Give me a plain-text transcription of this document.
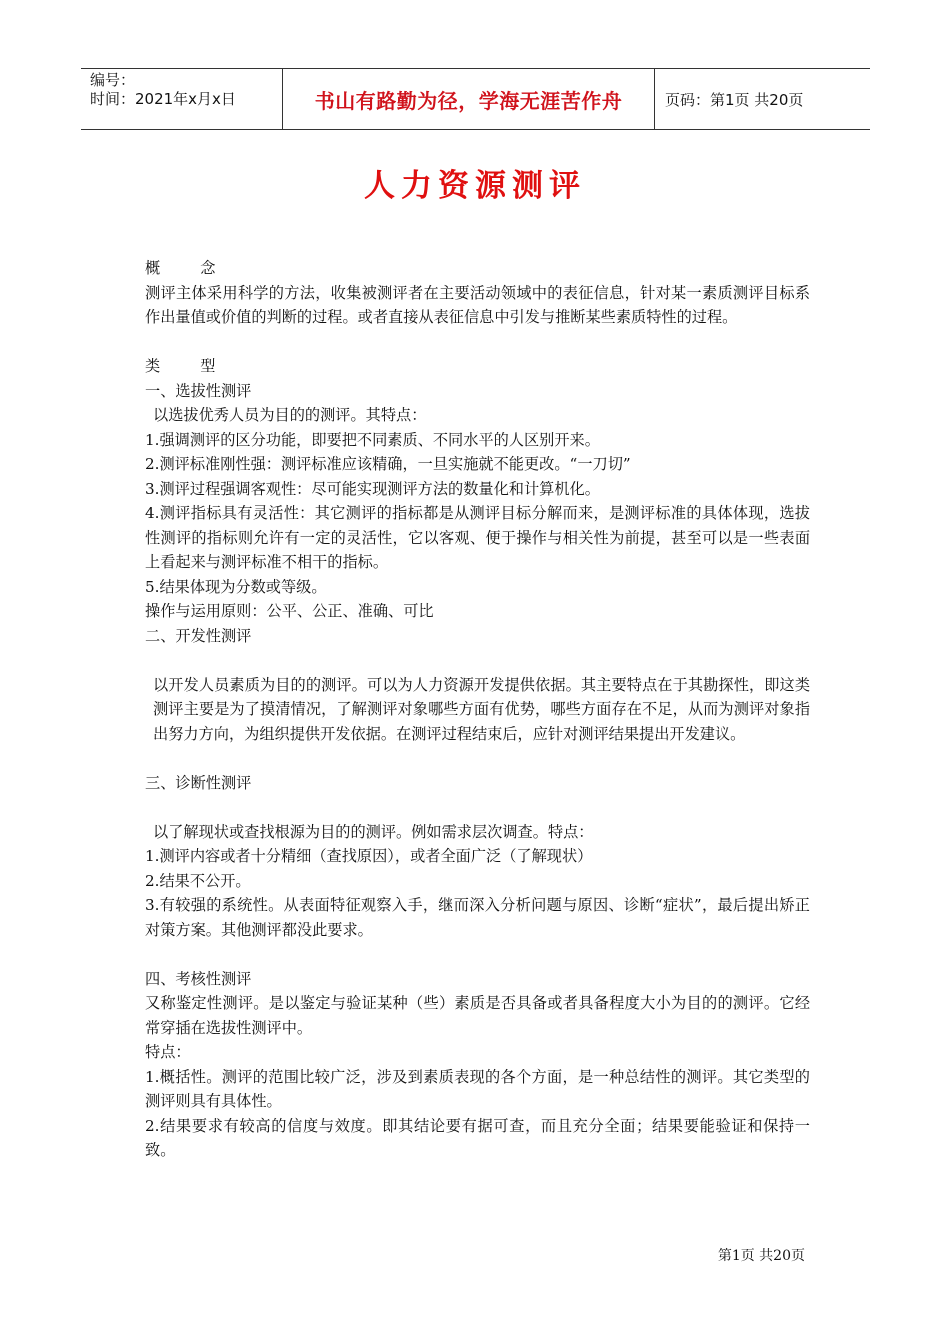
编号：
时间：2021年x月x日	书山有路勤为径，学海无涯苦作舟	页码：第1页 共20页
人力资源测评
概念
测评主体采用科学的方法，收集被测评者在主要活动领域中的表征信息，针对某一素质测评目标系作出量值或价值的判断的过程。或者直接从表征信息中引发与推断某些素质特性的过程。
类型
一、选拔性测评
以选拔优秀人员为目的的测评。其特点：
1.强调测评的区分功能，即要把不同素质、不同水平的人区别开来。
2.测评标准刚性强：测评标准应该精确，一旦实施就不能更改。“一刀切”
3.测评过程强调客观性：尽可能实现测评方法的数量化和计算机化。
4.测评指标具有灵活性：其它测评的指标都是从测评目标分解而来，是测评标准的具体体现，选拔性测评的指标则允许有一定的灵活性，它以客观、便于操作与相关性为前提，甚至可以是一些表面上看起来与测评标准不相干的指标。
5.结果体现为分数或等级。
操作与运用原则：公平、公正、准确、可比
二、开发性测评
以开发人员素质为目的的测评。可以为人力资源开发提供依据。其主要特点在于其勘探性，即这类测评主要是为了摸清情况，了解测评对象哪些方面有优势，哪些方面存在不足，从而为测评对象指出努力方向，为组织提供开发依据。在测评过程结束后，应针对测评结果提出开发建议。
三、诊断性测评
以了解现状或查找根源为目的的测评。例如需求层次调查。特点：
1.测评内容或者十分精细（查找原因），或者全面广泛（了解现状）
2.结果不公开。
3.有较强的系统性。从表面特征观察入手，继而深入分析问题与原因、诊断“症状”，最后提出矫正对策方案。其他测评都没此要求。
四、考核性测评
又称鉴定性测评。是以鉴定与验证某种（些）素质是否具备或者具备程度大小为目的的测评。它经常穿插在选拔性测评中。
特点：
1.概括性。测评的范围比较广泛，涉及到素质表现的各个方面，是一种总结性的测评。其它类型的测评则具有具体性。
2.结果要求有较高的信度与效度。即其结论要有据可查，而且充分全面；结果要能验证和保持一致。
第1页 共20页
